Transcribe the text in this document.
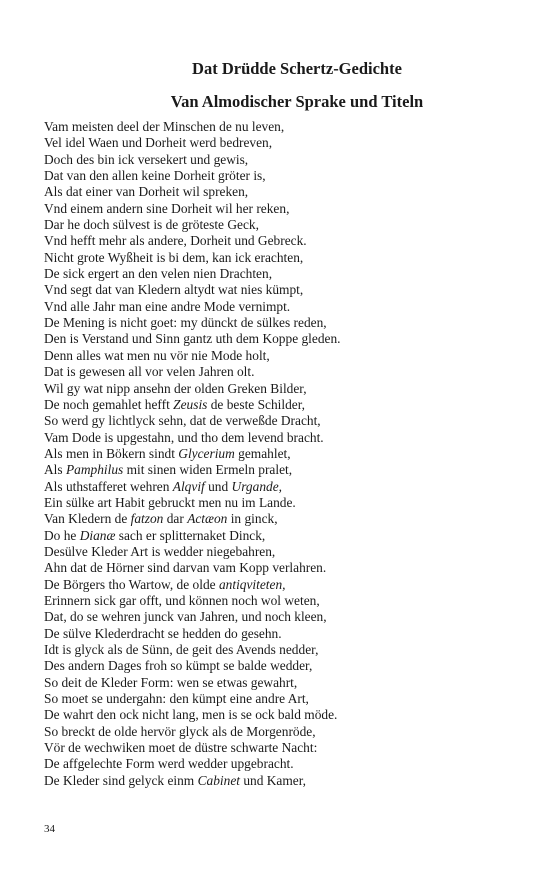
Dat Drüdde Schertz-Gedichte
Van Almodischer Sprake und Titeln
Vam meisten deel der Minschen de nu leven,
Vel idel Waen und Dorheit werd bedreven,
Doch des bin ick versekert und gewis,
Dat van den allen keine Dorheit gröter is,
Als dat einer van Dorheit wil spreken,
Vnd einem andern sine Dorheit wil her reken,
Dar he doch sülvest is de gröteste Geck,
Vnd hefft mehr als andere, Dorheit und Gebreck.
Nicht grote Wyßheit is bi dem, kan ick erachten,
De sick ergert an den velen nien Drachten,
Vnd segt dat van Kledern altydt wat nies kümpt,
Vnd alle Jahr man eine andre Mode vernimpt.
De Mening is nicht goet: my dünckt de sülkes reden,
Den is Verstand und Sinn gantz uth dem Koppe gleden.
Denn alles wat men nu vör nie Mode holt,
Dat is gewesen all vor velen Jahren olt.
Wil gy wat nipp ansehn der olden Greken Bilder,
De noch gemahlet hefft Zeusis de beste Schilder,
So werd gy lichtlyck sehn, dat de verweßde Dracht,
Vam Dode is upgestahn, und tho dem levend bracht.
Als men in Bökern sindt Glycerium gemahlet,
Als Pamphilus mit sinen widen Ermeln pralet,
Als uthstafferet wehren Alqvif und Urgande,
Ein sülke art Habit gebruckt men nu im Lande.
Van Kledern de fatzon dar Actæon in ginck,
Do he Dianæ sach er splitternaket Dinck,
Desülve Kleder Art is wedder niegebahren,
Ahn dat de Hörner sind darvan vam Kopp verlahren.
De Börgers tho Wartow, de olde antiqviteten,
Erinnern sick gar offt, und können noch wol weten,
Dat, do se wehren junck van Jahren, und noch kleen,
De sülve Klederdracht se hedden do gesehn.
Idt is glyck als de Sünn, de geit des Avends nedder,
Des andern Dages froh so kümpt se balde wedder,
So deit de Kleder Form: wen se etwas gewahrt,
So moet se undergahn: den kümpt eine andre Art,
De wahrt den ock nicht lang, men is se ock bald möde.
So breckt de olde hervör glyck als de Morgenröde,
Vör de wechwiken moet de düstre schwarte Nacht:
De affgelechte Form werd wedder upgebracht.
De Kleder sind gelyck einm Cabinet und Kamer,

34
